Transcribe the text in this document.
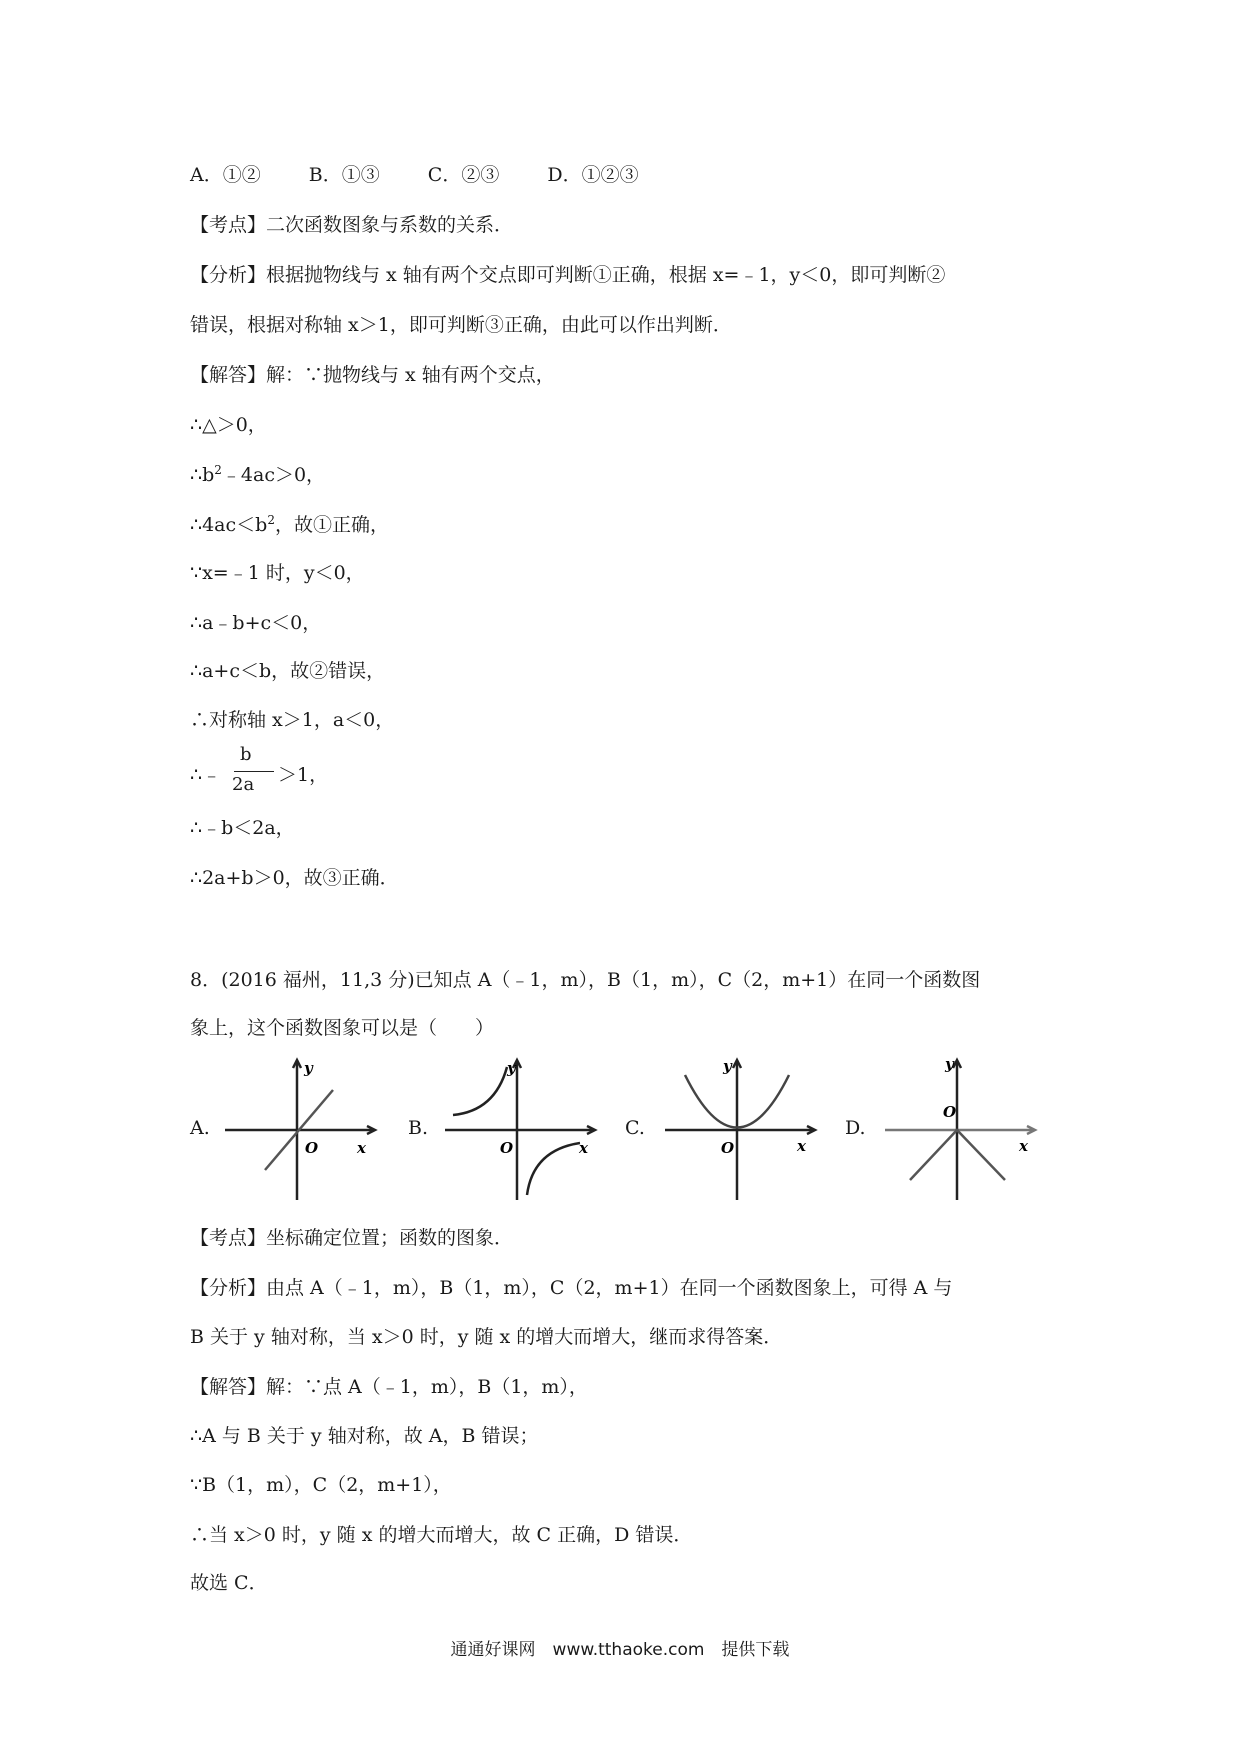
A．①②	B．①③	C．②③	D．①②③
【考点】二次函数图象与系数的关系．
【分析】根据抛物线与 x 轴有两个交点即可判断①正确，根据 x=﹣1，y＜0，即可判断②
错误，根据对称轴 x＞1，即可判断③正确，由此可以作出判断．
【解答】解：∵抛物线与 x 轴有两个交点，
∴△＞0，
$\therefore b^2﹣4ac>0$，
$\therefore 4ac<b^2$，故①正确，
∵x=﹣1 时，y＜0，
∴a﹣b+c＜0，
∴a+c＜b，故②错误，
∴对称轴 x＞1，a＜0，
∴﹣
b
2a ＞1，
∴﹣b＜2a，
∴2a+b＞0，故③正确．
8．(2016 福州，11,3 分)已知点 A（﹣1，m），B（1，m），C（2，m+1）在同一个函数图
象上，这个函数图象可以是（　　）
A.
y
O	x
B.
y
O	x
C.
y
O	x
D.
y
O
x
【考点】坐标确定位置；函数的图象．
【分析】由点 A（﹣1，m），B（1，m），C（2，m+1）在同一个函数图象上，可得 A 与
B 关于 y 轴对称，当 x＞0 时，y 随 x 的增大而增大，继而求得答案．
【解答】解：∵点 A（﹣1，m），B（1，m），
∴A 与 B 关于 y 轴对称，故 A，B 错误；
∵B（1，m），C（2，m+1），
∴当 x＞0 时，y 随 x 的增大而增大，故 C 正确，D 错误．
故选 C．
通通好课网　www.tthaoke.com　提供下载
